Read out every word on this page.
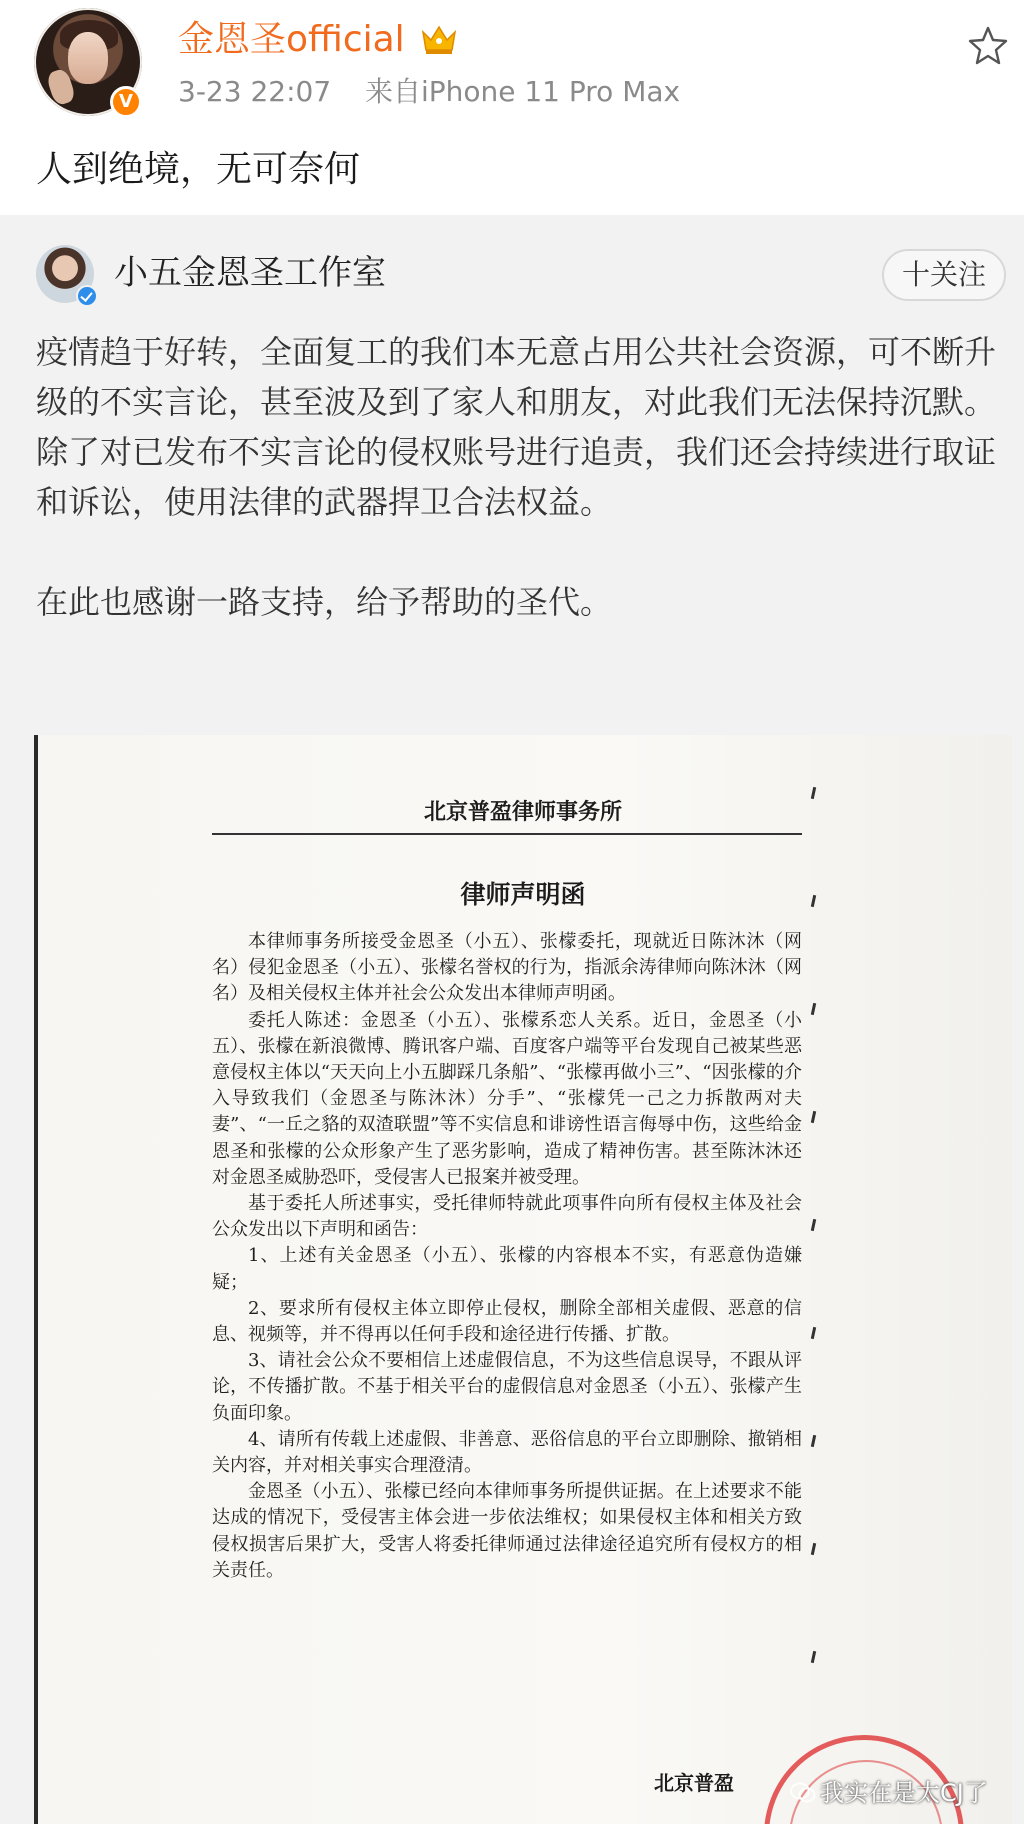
V
金恩圣official
3-23 22:07 来自iPhone 11 Pro Max
人到绝境，无可奈何
小五金恩圣工作室	十关注

疫情趋于好转，全面复工的我们本无意占用公共社会资源，可不断升级的不实言论，甚至波及到了家人和朋友，对此我们无法保持沉默。除了对已发布不实言论的侵权账号进行追责，我们还会持续进行取证和诉讼，使用法律的武器捍卫合法权益。

在此也感谢一路支持，给予帮助的圣代。

北京普盈律师事务所
律师声明函

本律师事务所接受金恩圣（小五）、张檬委托，现就近日陈沐沐（网名）侵犯金恩圣（小五）、张檬名誉权的行为，指派余涛律师向陈沐沐（网名）及相关侵权主体并社会公众发出本律师声明函。

委托人陈述：金恩圣（小五）、张檬系恋人关系。近日，金恩圣（小五）、张檬在新浪微博、腾讯客户端、百度客户端等平台发现自己被某些恶意侵权主体以“天天向上小五脚踩几条船”、“张檬再做小三”、“因张檬的介入导致我们（金恩圣与陈沐沐）分手”、“张檬凭一己之力拆散两对夫妻”、“一丘之貉的双渣联盟”等不实信息和诽谤性语言侮辱中伤，这些给金恩圣和张檬的公众形象产生了恶劣影响，造成了精神伤害。甚至陈沐沐还对金恩圣威胁恐吓，受侵害人已报案并被受理。

基于委托人所述事实，受托律师特就此项事件向所有侵权主体及社会公众发出以下声明和函告：

1、上述有关金恩圣（小五）、张檬的内容根本不实，有恶意伪造嫌疑；

2、要求所有侵权主体立即停止侵权，删除全部相关虚假、恶意的信息、视频等，并不得再以任何手段和途径进行传播、扩散。

3、请社会公众不要相信上述虚假信息，不为这些信息误导，不跟从评论，不传播扩散。不基于相关平台的虚假信息对金恩圣（小五）、张檬产生负面印象。

4、请所有传载上述虚假、非善意、恶俗信息的平台立即删除、撤销相关内容，并对相关事实合理澄清。

金恩圣（小五）、张檬已经向本律师事务所提供证据。在上述要求不能达成的情况下，受侵害主体会进一步依法维权；如果侵权主体和相关方致侵权损害后果扩大，受害人将委托律师通过法律途径追究所有侵权方的相关责任。

北京普盈	我实在是太CJ了
